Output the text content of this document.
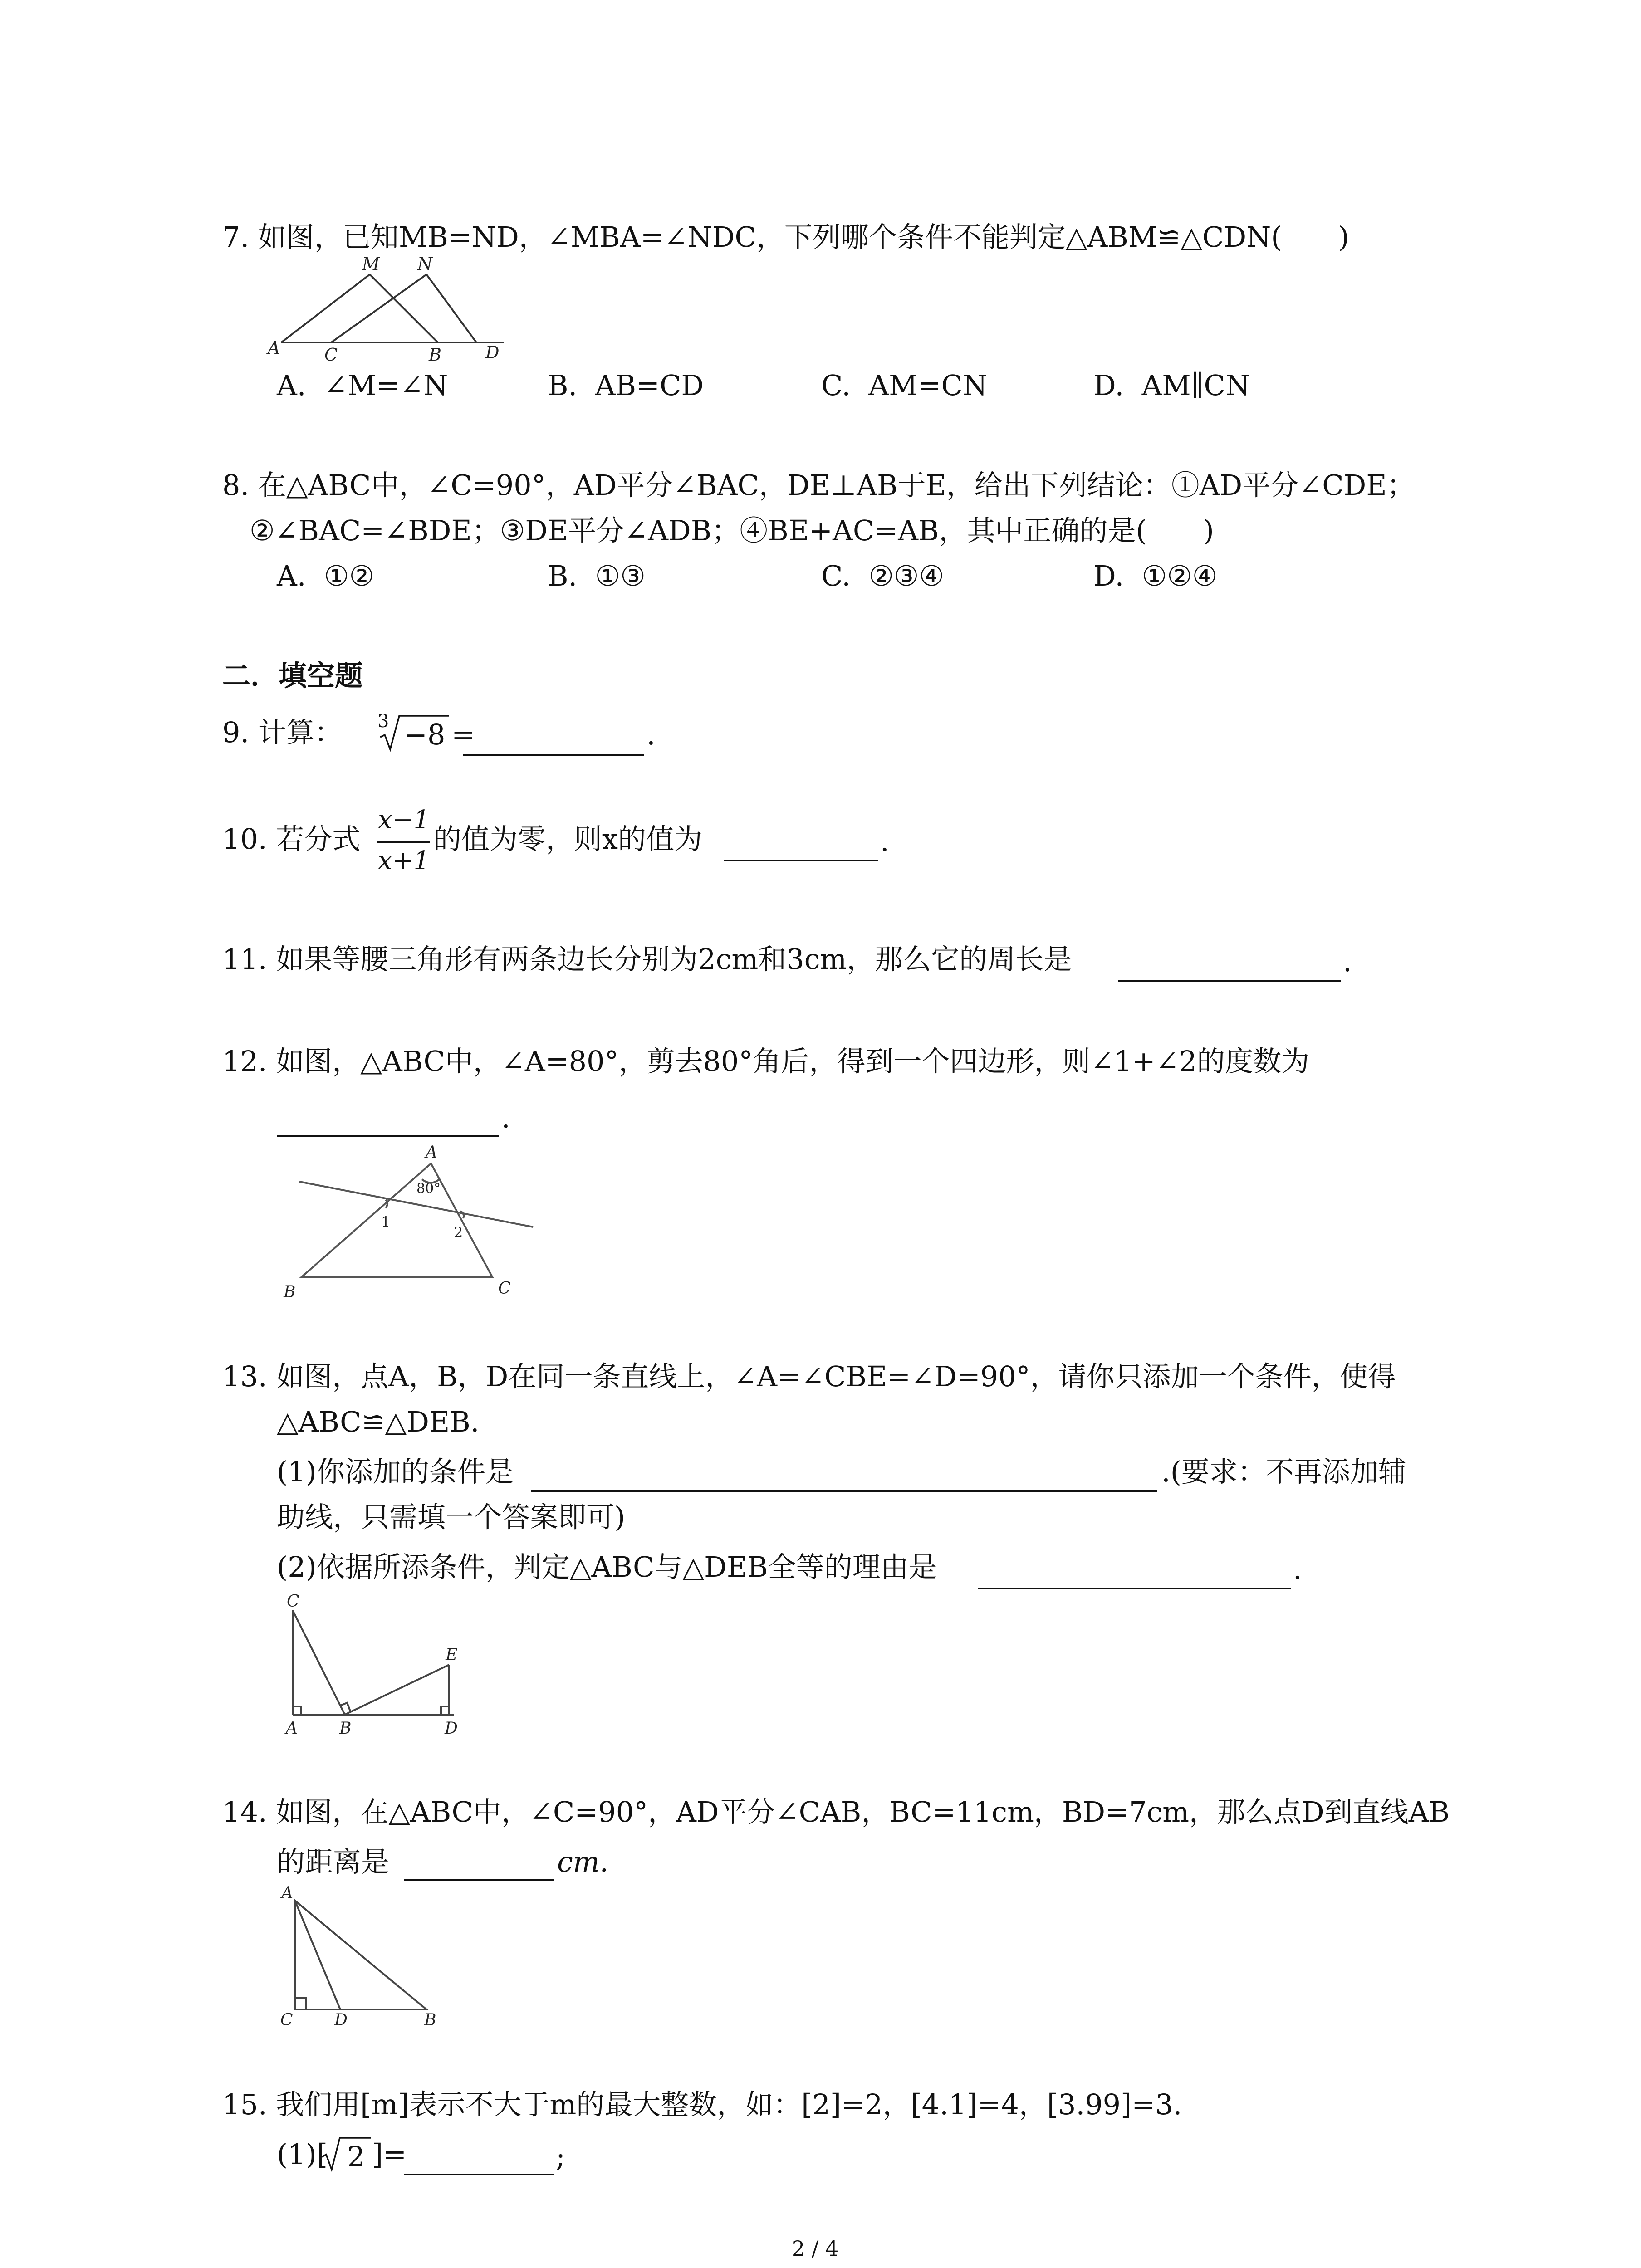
7. 如图，已知MB=ND，∠MBA=∠NDC，下列哪个条件不能判定△ABM≌△CDN(　　)
M N
A	C	B	D
A.  ∠M=∠N	B.  AB=CD	C.  AM=CN	D.  AM∥CN
8. 在△ABC中，∠C=90°，AD平分∠BAC，DE⊥AB于E，给出下列结论：①AD平分∠CDE；
②∠BAC=∠BDE；③DE平分∠ADB；④BE+AC=AB，其中正确的是(　　)
A.  ①②	B.  ①③	C.  ②③④	D.  ①②④
二．填空题
9. 计算： 3 −8 =	.
10. 若分式
x−1
x+1
的值为零，则x的值为	.
11. 如果等腰三角形有两条边长分别为2cm和3cm，那么它的周长是	.
12. 如图，△ABC中，∠A=80°，剪去80°角后，得到一个四边形，则∠1+∠2的度数为
.
A
80°
1
2
B	C
13. 如图，点A，B，D在同一条直线上，∠A=∠CBE=∠D=90°，请你只添加一个条件，使得
△ABC≌△DEB.
(1)你添加的条件是	.(要求：不再添加辅
助线，只需填一个答案即可)
(2)依据所添条件，判定△ABC与△DEB全等的理由是	.
C
E
A	B	D
14. 如图，在△ABC中，∠C=90°，AD平分∠CAB，BC=11cm，BD=7cm，那么点D到直线AB
的距离是	cm.
A
C	D	B
15. 我们用[m]表示不大于m的最大整数，如：[2]=2，[4.1]=4，[3.99]=3.
(1)[ 2 ]=	;
2 / 4
